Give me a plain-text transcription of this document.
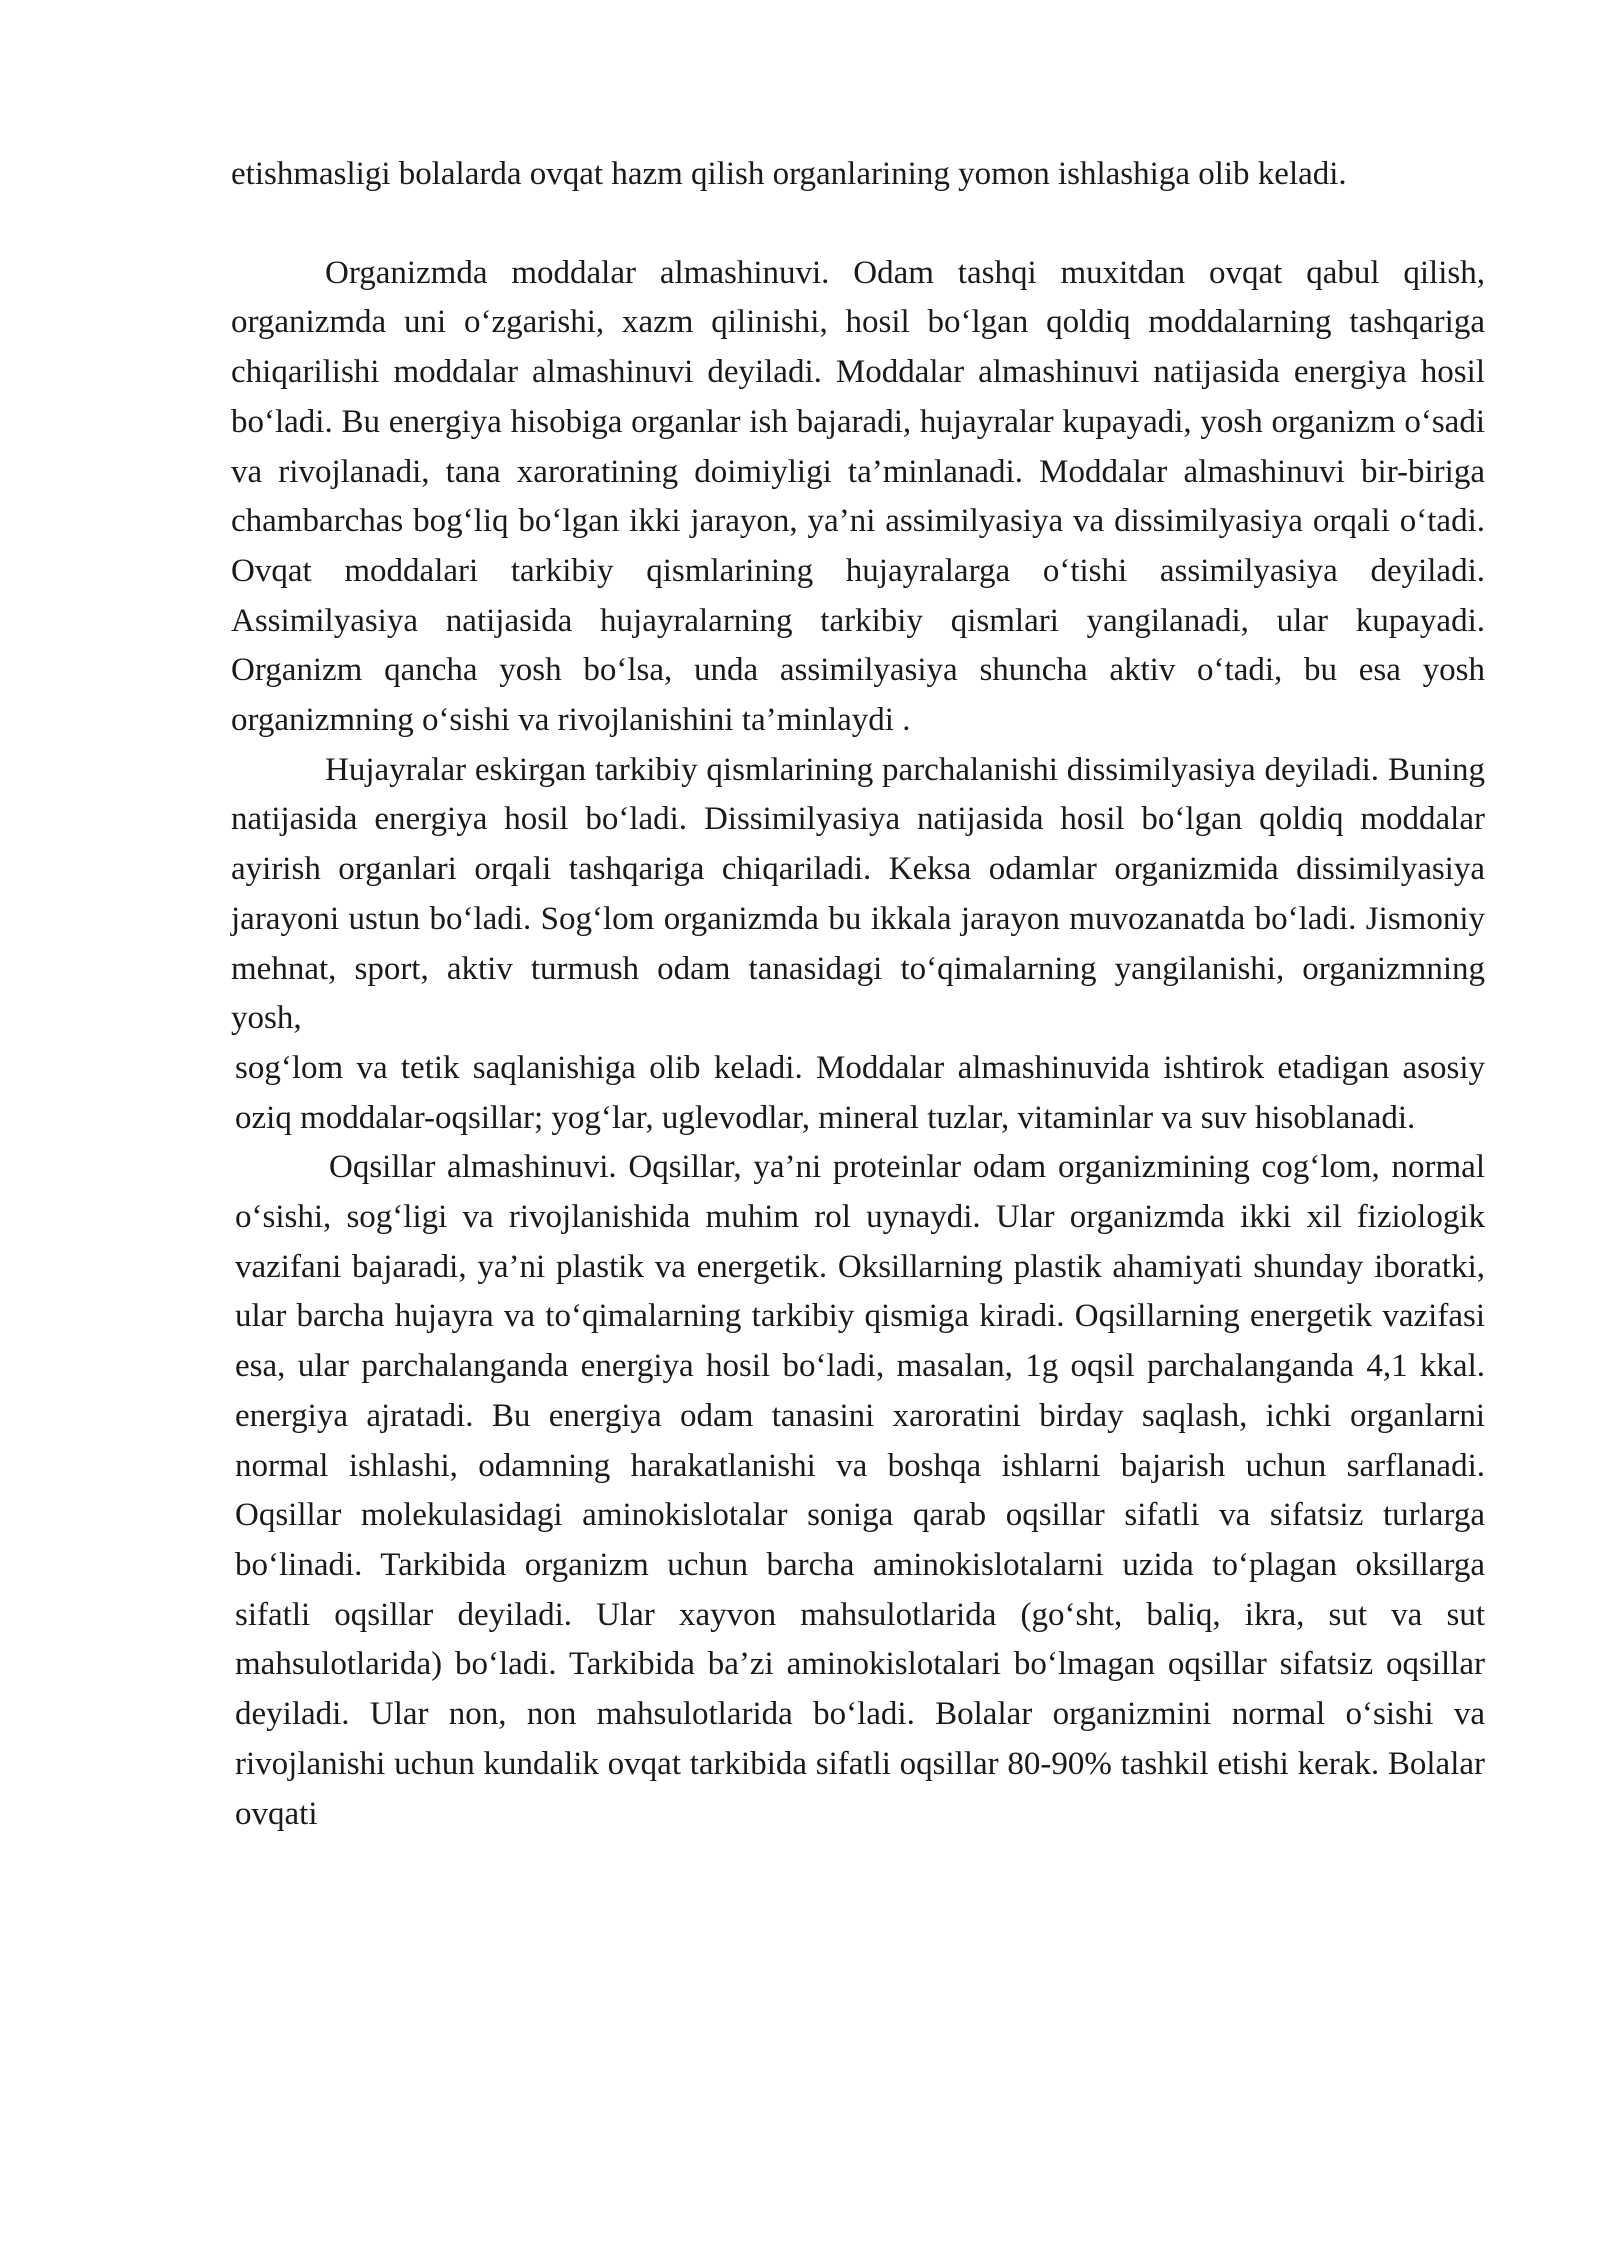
etishmasligi bolalarda ovqat hazm qilish organlarining yomon ishlashiga olib keladi.

Organizmda moddalar almashinuvi. Odam tashqi muxitdan ovqat qabul qilish, organizmda uni o‘zgarishi, xazm qilinishi, hosil bo‘lgan qoldiq moddalarning tashqariga chiqarilishi moddalar almashinuvi deyiladi. Moddalar almashinuvi natijasida energiya hosil bo‘ladi. Bu energiya hisobiga organlar ish bajaradi, hujayralar kupayadi, yosh organizm o‘sadi va rivojlanadi, tana xaroratining doimiyligi ta’minlanadi. Moddalar almashinuvi bir-biriga chambarchas bog‘liq bo‘lgan ikki jarayon, ya’ni assimilyasiya va dissimilyasiya orqali o‘tadi. Ovqat moddalari tarkibiy qismlarining hujayralarga o‘tishi assimilyasiya deyiladi. Assimilyasiya natijasida hujayralarning tarkibiy qismlari yangilanadi, ular kupayadi. Organizm qancha yosh bo‘lsa, unda assimilyasiya shuncha aktiv o‘tadi, bu esa yosh organizmning o‘sishi va rivojlanishini ta’minlaydi .

Hujayralar eskirgan tarkibiy qismlarining parchalanishi dissimilyasiya deyiladi. Buning natijasida energiya hosil bo‘ladi. Dissimilyasiya natijasida hosil bo‘lgan qoldiq moddalar ayirish organlari orqali tashqariga chiqariladi. Keksa odamlar organizmida dissimilyasiya jarayoni ustun bo‘ladi. Sog‘lom organizmda bu ikkala jarayon muvozanatda bo‘ladi. Jismoniy mehnat, sport, aktiv turmush odam tanasidagi to‘qimalarning yangilanishi, organizmning yosh,

sog‘lom va tetik saqlanishiga olib keladi. Moddalar almashinuvida ishtirok etadigan asosiy oziq moddalar-oqsillar; yog‘lar, uglevodlar, mineral tuzlar, vitaminlar va suv hisoblanadi.

Oqsillar almashinuvi. Oqsillar, ya’ni proteinlar odam organizmining cog‘lom, normal o‘sishi, sog‘ligi va rivojlanishida muhim rol uynaydi. Ular organizmda ikki xil fiziologik vazifani bajaradi, ya’ni plastik va energetik. Oksillarning plastik ahamiyati shunday iboratki, ular barcha hujayra va to‘qimalarning tarkibiy qismiga kiradi. Oqsillarning energetik vazifasi esa, ular parchalanganda energiya hosil bo‘ladi, masalan, 1g oqsil parchalanganda 4,1 kkal. energiya ajratadi. Bu energiya odam tanasini xaroratini birday saqlash, ichki organlarni normal ishlashi, odamning harakatlanishi va boshqa ishlarni bajarish uchun sarflanadi. Oqsillar molekulasidagi aminokislotalar soniga qarab oqsillar sifatli va sifatsiz turlarga bo‘linadi. Tarkibida organizm uchun barcha aminokislotalarni uzida to‘plagan oksillarga sifatli oqsillar deyiladi. Ular xayvon mahsulotlarida (go‘sht, baliq, ikra, sut va sut mahsulotlarida) bo‘ladi. Tarkibida ba’zi aminokislotalari bo‘lmagan oqsillar sifatsiz oqsillar deyiladi. Ular non, non mahsulotlarida bo‘ladi. Bolalar organizmini normal o‘sishi va rivojlanishi uchun kundalik ovqat tarkibida sifatli oqsillar 80-90% tashkil etishi kerak. Bolalar ovqati
